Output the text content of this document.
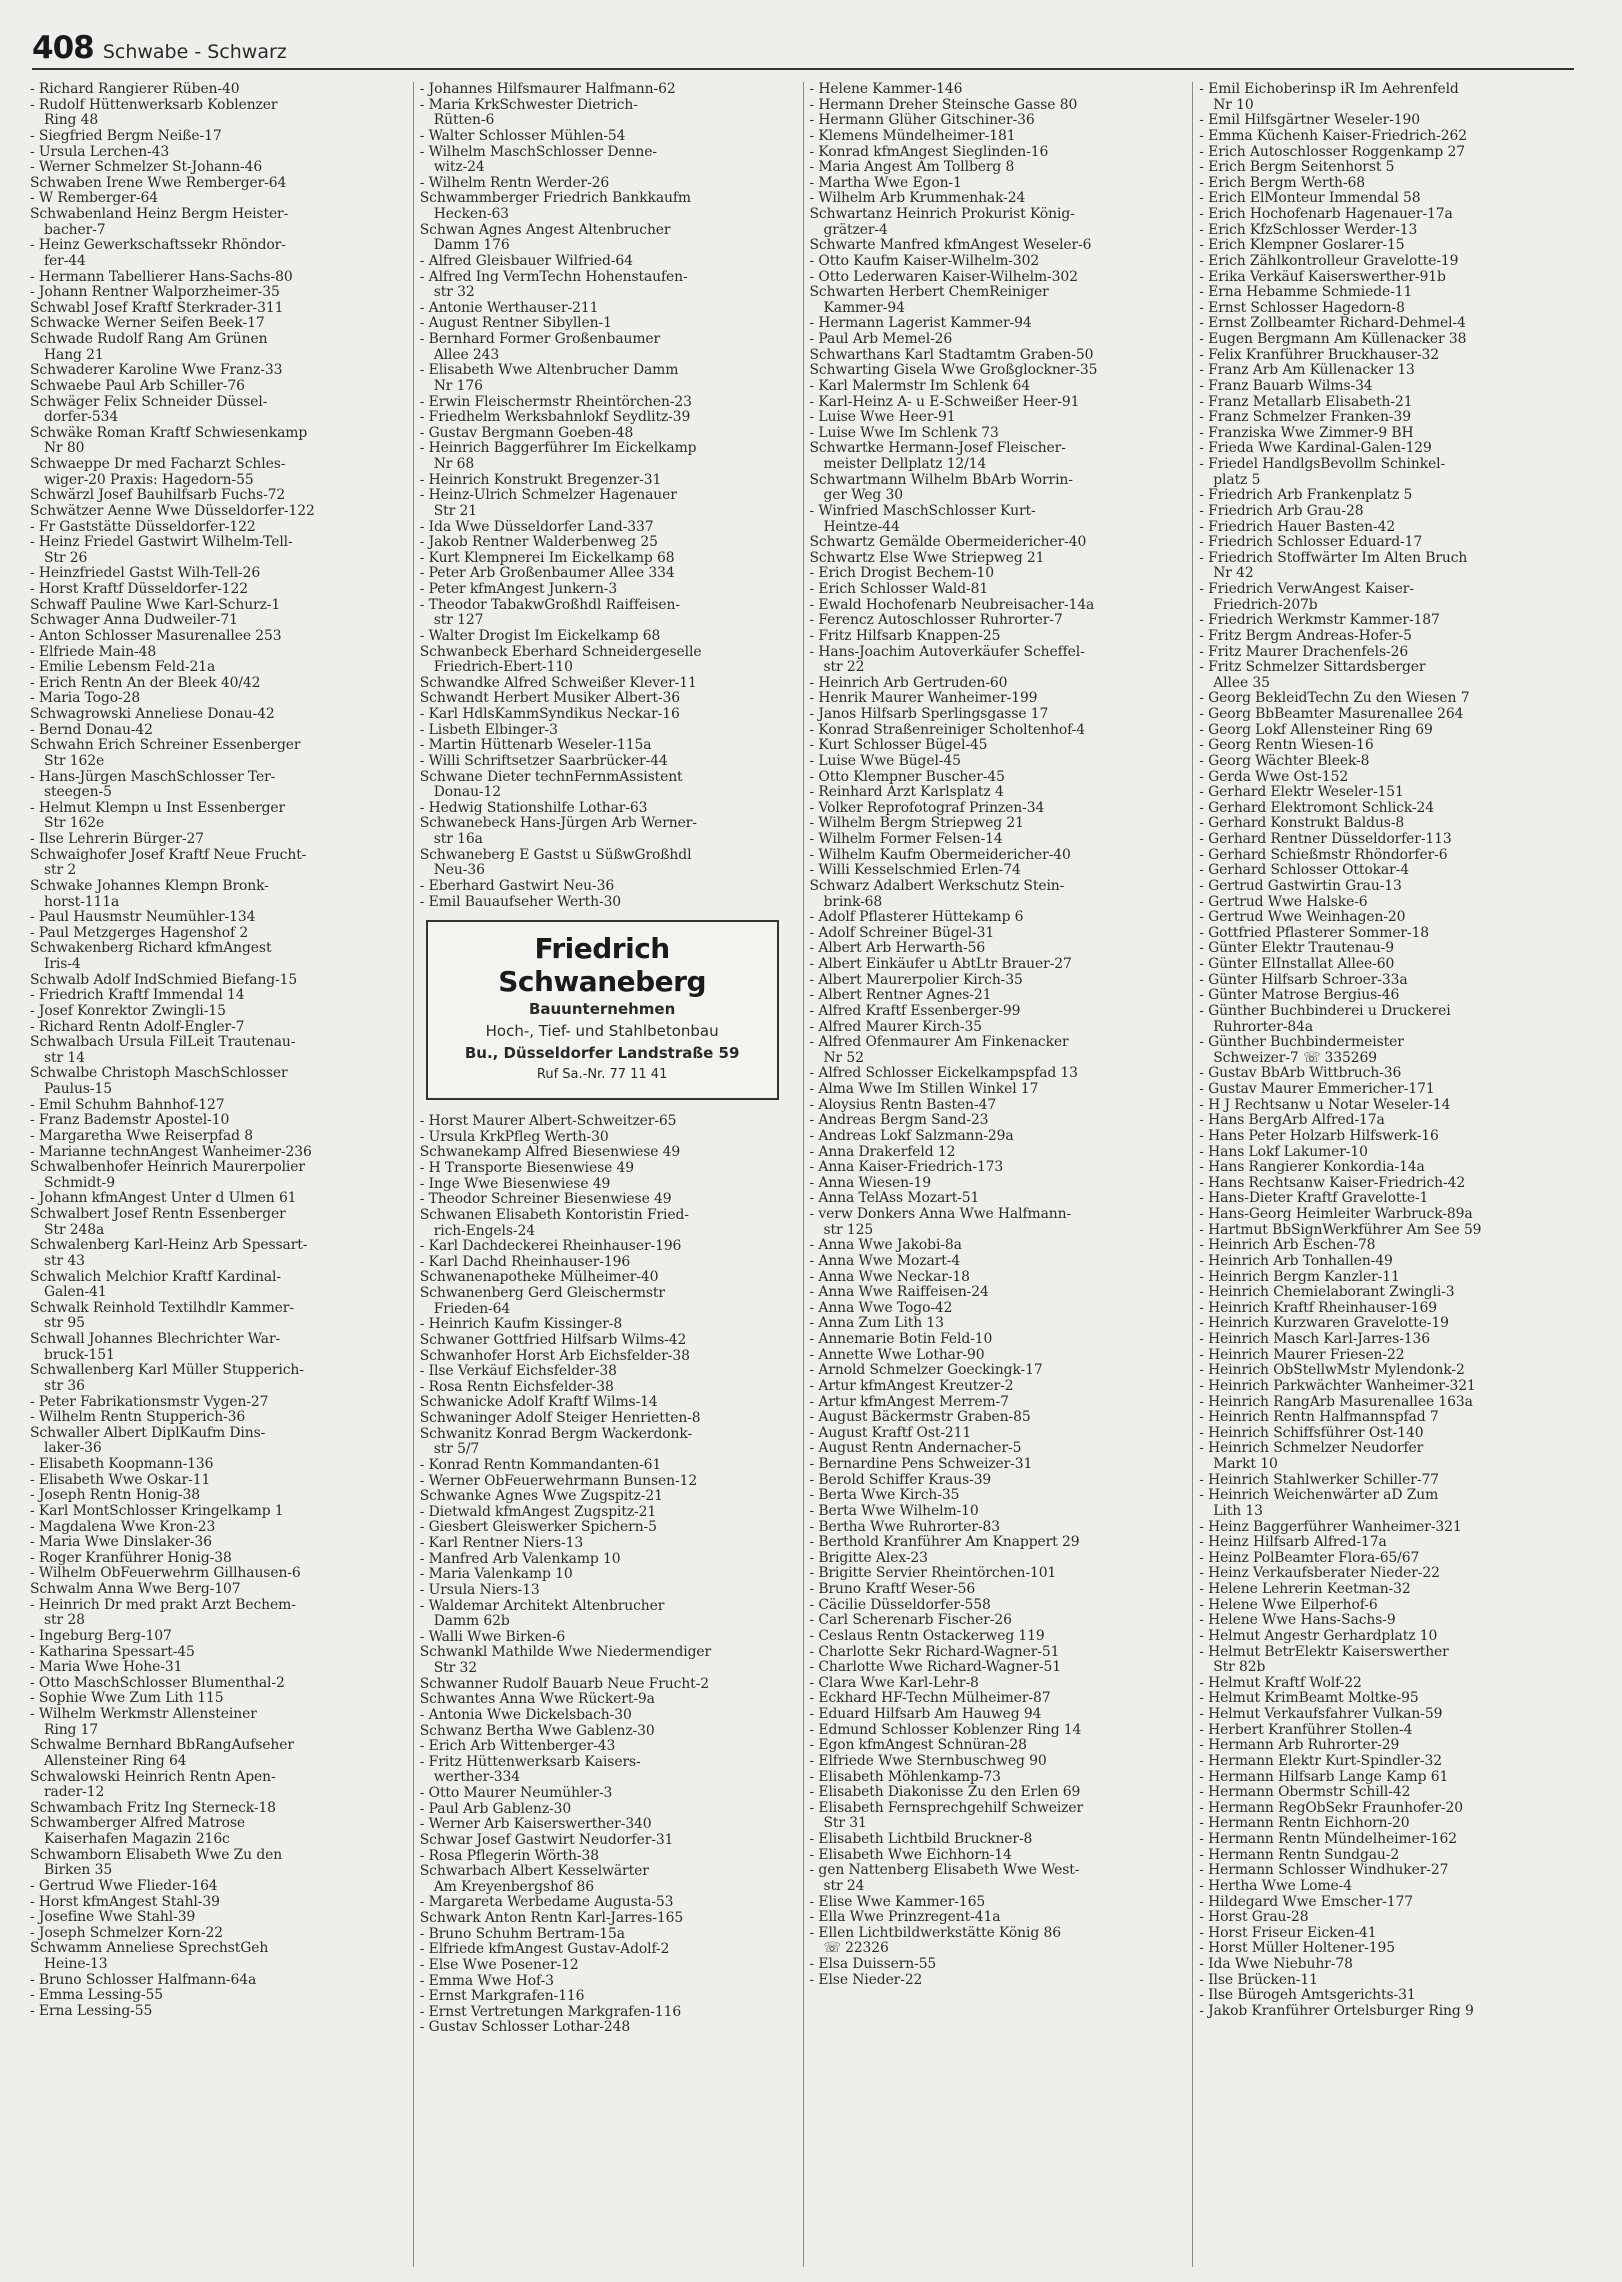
408 Schwabe - Schwarz
- Richard Rangierer Rüben-40
- Rudolf Hüttenwerksarb Koblenzer
Ring 48
- Siegfried Bergm Neiße-17
- Ursula Lerchen-43
- Werner Schmelzer St-Johann-46
Schwaben Irene Wwe Remberger-64
- W Remberger-64
Schwabenland Heinz Bergm Heister-
bacher-7
- Heinz Gewerkschaftssekr Rhöndor-
fer-44
- Hermann Tabellierer Hans-Sachs-80
- Johann Rentner Walporzheimer-35
Schwabl Josef Kraftf Sterkrader-311
Schwacke Werner Seifen Beek-17
Schwade Rudolf Rang Am Grünen
Hang 21
Schwaderer Karoline Wwe Franz-33
Schwaebe Paul Arb Schiller-76
Schwäger Felix Schneider Düssel-
dorfer-534
Schwäke Roman Kraftf Schwiesenkamp
Nr 80
Schwaeppe Dr med Facharzt Schles-
wiger-20 Praxis: Hagedorn-55
Schwärzl Josef Bauhilfsarb Fuchs-72
Schwätzer Aenne Wwe Düsseldorfer-122
- Fr Gaststätte Düsseldorfer-122
- Heinz Friedel Gastwirt Wilhelm-Tell-
Str 26
- Heinzfriedel Gastst Wilh-Tell-26
- Horst Kraftf Düsseldorfer-122
Schwaff Pauline Wwe Karl-Schurz-1
Schwager Anna Dudweiler-71
- Anton Schlosser Masurenallee 253
- Elfriede Main-48
- Emilie Lebensm Feld-21a
- Erich Rentn An der Bleek 40/42
- Maria Togo-28
Schwagrowski Anneliese Donau-42
- Bernd Donau-42
Schwahn Erich Schreiner Essenberger
Str 162e
- Hans-Jürgen MaschSchlosser Ter-
steegen-5
- Helmut Klempn u Inst Essenberger
Str 162e
- Ilse Lehrerin Bürger-27
Schwaighofer Josef Kraftf Neue Frucht-
str 2
Schwake Johannes Klempn Bronk-
horst-111a
- Paul Hausmstr Neumühler-134
- Paul Metzgerges Hagenshof 2
Schwakenberg Richard kfmAngest
Iris-4
Schwalb Adolf IndSchmied Biefang-15
- Friedrich Kraftf Immendal 14
- Josef Konrektor Zwingli-15
- Richard Rentn Adolf-Engler-7
Schwalbach Ursula FilLeit Trautenau-
str 14
Schwalbe Christoph MaschSchlosser
Paulus-15
- Emil Schuhm Bahnhof-127
- Franz Bademstr Apostel-10
- Margaretha Wwe Reiserpfad 8
- Marianne technAngest Wanheimer-236
Schwalbenhofer Heinrich Maurerpolier
Schmidt-9
- Johann kfmAngest Unter d Ulmen 61
Schwalbert Josef Rentn Essenberger
Str 248a
Schwalenberg Karl-Heinz Arb Spessart-
str 43
Schwalich Melchior Kraftf Kardinal-
Galen-41
Schwalk Reinhold Textilhdlr Kammer-
str 95
Schwall Johannes Blechrichter War-
bruck-151
Schwallenberg Karl Müller Stupperich-
str 36
- Peter Fabrikationsmstr Vygen-27
- Wilhelm Rentn Stupperich-36
Schwaller Albert DiplKaufm Dins-
laker-36
- Elisabeth Koopmann-136
- Elisabeth Wwe Oskar-11
- Joseph Rentn Honig-38
- Karl MontSchlosser Kringelkamp 1
- Magdalena Wwe Kron-23
- Maria Wwe Dinslaker-36
- Roger Kranführer Honig-38
- Wilhelm ObFeuerwehrm Gillhausen-6
Schwalm Anna Wwe Berg-107
- Heinrich Dr med prakt Arzt Bechem-
str 28
- Ingeburg Berg-107
- Katharina Spessart-45
- Maria Wwe Hohe-31
- Otto MaschSchlosser Blumenthal-2
- Sophie Wwe Zum Lith 115
- Wilhelm Werkmstr Allensteiner
Ring 17
Schwalme Bernhard BbRangAufseher
Allensteiner Ring 64
Schwalowski Heinrich Rentn Apen-
rader-12
Schwambach Fritz Ing Sterneck-18
Schwamberger Alfred Matrose
Kaiserhafen Magazin 216c
Schwamborn Elisabeth Wwe Zu den
Birken 35
- Gertrud Wwe Flieder-164
- Horst kfmAngest Stahl-39
- Josefine Wwe Stahl-39
- Joseph Schmelzer Korn-22
Schwamm Anneliese SprechstGeh
Heine-13
- Bruno Schlosser Halfmann-64a
- Emma Lessing-55
- Erna Lessing-55
- Johannes Hilfsmaurer Halfmann-62
- Maria KrkSchwester Dietrich-
Rütten-6
- Walter Schlosser Mühlen-54
- Wilhelm MaschSchlosser Denne-
witz-24
- Wilhelm Rentn Werder-26
Schwammberger Friedrich Bankkaufm
Hecken-63
Schwan Agnes Angest Altenbrucher
Damm 176
- Alfred Gleisbauer Wilfried-64
- Alfred Ing VermTechn Hohenstaufen-
str 32
- Antonie Werthauser-211
- August Rentner Sibyllen-1
- Bernhard Former Großenbaumer
Allee 243
- Elisabeth Wwe Altenbrucher Damm
Nr 176
- Erwin Fleischermstr Rheintörchen-23
- Friedhelm Werksbahnlokf Seydlitz-39
- Gustav Bergmann Goeben-48
- Heinrich Baggerführer Im Eickelkamp
Nr 68
- Heinrich Konstrukt Bregenzer-31
- Heinz-Ulrich Schmelzer Hagenauer
Str 21
- Ida Wwe Düsseldorfer Land-337
- Jakob Rentner Walderbenweg 25
- Kurt Klempnerei Im Eickelkamp 68
- Peter Arb Großenbaumer Allee 334
- Peter kfmAngest Junkern-3
- Theodor TabakwGroßhdl Raiffeisen-
str 127
- Walter Drogist Im Eickelkamp 68
Schwanbeck Eberhard Schneidergeselle
Friedrich-Ebert-110
Schwandke Alfred Schweißer Klever-11
Schwandt Herbert Musiker Albert-36
- Karl HdlsKammSyndikus Neckar-16
- Lisbeth Elbinger-3
- Martin Hüttenarb Weseler-115a
- Willi Schriftsetzer Saarbrücker-44
Schwane Dieter technFernmAssistent
Donau-12
- Hedwig Stationshilfe Lothar-63
Schwanebeck Hans-Jürgen Arb Werner-
str 16a
Schwaneberg E Gastst u SüßwGroßhdl
Neu-36
- Eberhard Gastwirt Neu-36
- Emil Bauaufseher Werth-30
Friedrich Schwaneberg
Bauunternehmen
Hoch-, Tief- und Stahlbetonbau
Bu., Düsseldorfer Landstraße 59
Ruf Sa.-Nr. 77 11 41
- Horst Maurer Albert-Schweitzer-65
- Ursula KrkPfleg Werth-30
Schwanekamp Alfred Biesenwiese 49
- H Transporte Biesenwiese 49
- Inge Wwe Biesenwiese 49
- Theodor Schreiner Biesenwiese 49
Schwanen Elisabeth Kontoristin Fried-
rich-Engels-24
- Karl Dachdeckerei Rheinhauser-196
- Karl Dachd Rheinhauser-196
Schwanenapotheke Mülheimer-40
Schwanenberg Gerd Gleischermstr
Frieden-64
- Heinrich Kaufm Kissinger-8
Schwaner Gottfried Hilfsarb Wilms-42
Schwanhofer Horst Arb Eichsfelder-38
- Ilse Verkäuf Eichsfelder-38
- Rosa Rentn Eichsfelder-38
Schwanicke Adolf Kraftf Wilms-14
Schwaninger Adolf Steiger Henrietten-8
Schwanitz Konrad Bergm Wackerdonk-
str 5/7
- Konrad Rentn Kommandanten-61
- Werner ObFeuerwehrmann Bunsen-12
Schwanke Agnes Wwe Zugspitz-21
- Dietwald kfmAngest Zugspitz-21
- Giesbert Gleiswerker Spichern-5
- Karl Rentner Niers-13
- Manfred Arb Valenkamp 10
- Maria Valenkamp 10
- Ursula Niers-13
- Waldemar Architekt Altenbrucher
Damm 62b
- Walli Wwe Birken-6
Schwankl Mathilde Wwe Niedermendiger
Str 32
Schwanner Rudolf Bauarb Neue Frucht-2
Schwantes Anna Wwe Rückert-9a
- Antonia Wwe Dickelsbach-30
Schwanz Bertha Wwe Gablenz-30
- Erich Arb Wittenberger-43
- Fritz Hüttenwerksarb Kaisers-
werther-334
- Otto Maurer Neumühler-3
- Paul Arb Gablenz-30
- Werner Arb Kaiserswerther-340
Schwar Josef Gastwirt Neudorfer-31
- Rosa Pflegerin Wörth-38
Schwarbach Albert Kesselwärter
Am Kreyenbergshof 86
- Margareta Werbedame Augusta-53
Schwark Anton Rentn Karl-Jarres-165
- Bruno Schuhm Bertram-15a
- Elfriede kfmAngest Gustav-Adolf-2
- Else Wwe Posener-12
- Emma Wwe Hof-3
- Ernst Markgrafen-116
- Ernst Vertretungen Markgrafen-116
- Gustav Schlosser Lothar-248
- Helene Kammer-146
- Hermann Dreher Steinsche Gasse 80
- Hermann Glüher Gitschiner-36
- Klemens Mündelheimer-181
- Konrad kfmAngest Sieglinden-16
- Maria Angest Am Tollberg 8
- Martha Wwe Egon-1
- Wilhelm Arb Krummenhak-24
Schwartanz Heinrich Prokurist König-
grätzer-4
Schwarte Manfred kfmAngest Weseler-6
- Otto Kaufm Kaiser-Wilhelm-302
- Otto Lederwaren Kaiser-Wilhelm-302
Schwarten Herbert ChemReiniger
Kammer-94
- Hermann Lagerist Kammer-94
- Paul Arb Memel-26
Schwarthans Karl Stadtamtm Graben-50
Schwarting Gisela Wwe Großglockner-35
- Karl Malermstr Im Schlenk 64
- Karl-Heinz A- u E-Schweißer Heer-91
- Luise Wwe Heer-91
- Luise Wwe Im Schlenk 73
Schwartke Hermann-Josef Fleischer-
meister Dellplatz 12/14
Schwartmann Wilhelm BbArb Worrin-
ger Weg 30
- Winfried MaschSchlosser Kurt-
Heintze-44
Schwartz Gemälde Obermeidericher-40
Schwartz Else Wwe Striepweg 21
- Erich Drogist Bechem-10
- Erich Schlosser Wald-81
- Ewald Hochofenarb Neubreisacher-14a
- Ferencz Autoschlosser Ruhrorter-7
- Fritz Hilfsarb Knappen-25
- Hans-Joachim Autoverkäufer Scheffel-
str 22
- Heinrich Arb Gertruden-60
- Henrik Maurer Wanheimer-199
- Janos Hilfsarb Sperlingsgasse 17
- Konrad Straßenreiniger Scholtenhof-4
- Kurt Schlosser Bügel-45
- Luise Wwe Bügel-45
- Otto Klempner Buscher-45
- Reinhard Arzt Karlsplatz 4
- Volker Reprofotograf Prinzen-34
- Wilhelm Bergm Striepweg 21
- Wilhelm Former Felsen-14
- Wilhelm Kaufm Obermeidericher-40
- Willi Kesselschmied Erlen-74
Schwarz Adalbert Werkschutz Stein-
brink-68
- Adolf Pflasterer Hüttekamp 6
- Adolf Schreiner Bügel-31
- Albert Arb Herwarth-56
- Albert Einkäufer u AbtLtr Brauer-27
- Albert Maurerpolier Kirch-35
- Albert Rentner Agnes-21
- Alfred Kraftf Essenberger-99
- Alfred Maurer Kirch-35
- Alfred Ofenmaurer Am Finkenacker
Nr 52
- Alfred Schlosser Eickelkampspfad 13
- Alma Wwe Im Stillen Winkel 17
- Aloysius Rentn Basten-47
- Andreas Bergm Sand-23
- Andreas Lokf Salzmann-29a
- Anna Drakerfeld 12
- Anna Kaiser-Friedrich-173
- Anna Wiesen-19
- Anna TelAss Mozart-51
- verw Donkers Anna Wwe Halfmann-
str 125
- Anna Wwe Jakobi-8a
- Anna Wwe Mozart-4
- Anna Wwe Neckar-18
- Anna Wwe Raiffeisen-24
- Anna Wwe Togo-42
- Anna Zum Lith 13
- Annemarie Botin Feld-10
- Annette Wwe Lothar-90
- Arnold Schmelzer Goeckingk-17
- Artur kfmAngest Kreutzer-2
- Artur kfmAngest Merrem-7
- August Bäckermstr Graben-85
- August Kraftf Ost-211
- August Rentn Andernacher-5
- Bernardine Pens Schweizer-31
- Berold Schiffer Kraus-39
- Berta Wwe Kirch-35
- Berta Wwe Wilhelm-10
- Bertha Wwe Ruhrorter-83
- Berthold Kranführer Am Knappert 29
- Brigitte Alex-23
- Brigitte Servier Rheintörchen-101
- Bruno Kraftf Weser-56
- Cäcilie Düsseldorfer-558
- Carl Scherenarb Fischer-26
- Ceslaus Rentn Ostackerweg 119
- Charlotte Sekr Richard-Wagner-51
- Charlotte Wwe Richard-Wagner-51
- Clara Wwe Karl-Lehr-8
- Eckhard HF-Techn Mülheimer-87
- Eduard Hilfsarb Am Hauweg 94
- Edmund Schlosser Koblenzer Ring 14
- Egon kfmAngest Schnüran-28
- Elfriede Wwe Sternbuschweg 90
- Elisabeth Möhlenkamp-73
- Elisabeth Diakonisse Zu den Erlen 69
- Elisabeth Fernsprechgehilf Schweizer
Str 31
- Elisabeth Lichtbild Bruckner-8
- Elisabeth Wwe Eichhorn-14
- gen Nattenberg Elisabeth Wwe West-
str 24
- Elise Wwe Kammer-165
- Ella Wwe Prinzregent-41a
- Ellen Lichtbildwerkstätte König 86
☏ 22326
- Elsa Duissern-55
- Else Nieder-22
- Emil Eichoberinsp iR Im Aehrenfeld
Nr 10
- Emil Hilfsgärtner Weseler-190
- Emma Küchenh Kaiser-Friedrich-262
- Erich Autoschlosser Roggenkamp 27
- Erich Bergm Seitenhorst 5
- Erich Bergm Werth-68
- Erich ElMonteur Immendal 58
- Erich Hochofenarb Hagenauer-17a
- Erich KfzSchlosser Werder-13
- Erich Klempner Goslarer-15
- Erich Zählkontrolleur Gravelotte-19
- Erika Verkäuf Kaiserswerther-91b
- Erna Hebamme Schmiede-11
- Ernst Schlosser Hagedorn-8
- Ernst Zollbeamter Richard-Dehmel-4
- Eugen Bergmann Am Küllenacker 38
- Felix Kranführer Bruckhauser-32
- Franz Arb Am Küllenacker 13
- Franz Bauarb Wilms-34
- Franz Metallarb Elisabeth-21
- Franz Schmelzer Franken-39
- Franziska Wwe Zimmer-9 BH
- Frieda Wwe Kardinal-Galen-129
- Friedel HandlgsBevollm Schinkel-
platz 5
- Friedrich Arb Frankenplatz 5
- Friedrich Arb Grau-28
- Friedrich Hauer Basten-42
- Friedrich Schlosser Eduard-17
- Friedrich Stoffwärter Im Alten Bruch
Nr 42
- Friedrich VerwAngest Kaiser-
Friedrich-207b
- Friedrich Werkmstr Kammer-187
- Fritz Bergm Andreas-Hofer-5
- Fritz Maurer Drachenfels-26
- Fritz Schmelzer Sittardsberger
Allee 35
- Georg BekleidTechn Zu den Wiesen 7
- Georg BbBeamter Masurenallee 264
- Georg Lokf Allensteiner Ring 69
- Georg Rentn Wiesen-16
- Georg Wächter Bleek-8
- Gerda Wwe Ost-152
- Gerhard Elektr Weseler-151
- Gerhard Elektromont Schlick-24
- Gerhard Konstrukt Baldus-8
- Gerhard Rentner Düsseldorfer-113
- Gerhard Schießmstr Rhöndorfer-6
- Gerhard Schlosser Ottokar-4
- Gertrud Gastwirtin Grau-13
- Gertrud Wwe Halske-6
- Gertrud Wwe Weinhagen-20
- Gottfried Pflasterer Sommer-18
- Günter Elektr Trautenau-9
- Günter ElInstallat Allee-60
- Günter Hilfsarb Schroer-33a
- Günter Matrose Bergius-46
- Günther Buchbinderei u Druckerei
Ruhrorter-84a
- Günther Buchbindermeister
Schweizer-7 ☏ 335269
- Gustav BbArb Wittbruch-36
- Gustav Maurer Emmericher-171
- H J Rechtsanw u Notar Weseler-14
- Hans BergArb Alfred-17a
- Hans Peter Holzarb Hilfswerk-16
- Hans Lokf Lakumer-10
- Hans Rangierer Konkordia-14a
- Hans Rechtsanw Kaiser-Friedrich-42
- Hans-Dieter Kraftf Gravelotte-1
- Hans-Georg Heimleiter Warbruck-89a
- Hartmut BbSignWerkführer Am See 59
- Heinrich Arb Eschen-78
- Heinrich Arb Tonhallen-49
- Heinrich Bergm Kanzler-11
- Heinrich Chemielaborant Zwingli-3
- Heinrich Kraftf Rheinhauser-169
- Heinrich Kurzwaren Gravelotte-19
- Heinrich Masch Karl-Jarres-136
- Heinrich Maurer Friesen-22
- Heinrich ObStellwMstr Mylendonk-2
- Heinrich Parkwächter Wanheimer-321
- Heinrich RangArb Masurenallee 163a
- Heinrich Rentn Halfmannspfad 7
- Heinrich Schiffsführer Ost-140
- Heinrich Schmelzer Neudorfer
Markt 10
- Heinrich Stahlwerker Schiller-77
- Heinrich Weichenwärter aD Zum
Lith 13
- Heinz Baggerführer Wanheimer-321
- Heinz Hilfsarb Alfred-17a
- Heinz PolBeamter Flora-65/67
- Heinz Verkaufsberater Nieder-22
- Helene Lehrerin Keetman-32
- Helene Wwe Eilperhof-6
- Helene Wwe Hans-Sachs-9
- Helmut Angestr Gerhardplatz 10
- Helmut BetrElektr Kaiserswerther
Str 82b
- Helmut Kraftf Wolf-22
- Helmut KrimBeamt Moltke-95
- Helmut Verkaufsfahrer Vulkan-59
- Herbert Kranführer Stollen-4
- Hermann Arb Ruhrorter-29
- Hermann Elektr Kurt-Spindler-32
- Hermann Hilfsarb Lange Kamp 61
- Hermann Obermstr Schill-42
- Hermann RegObSekr Fraunhofer-20
- Hermann Rentn Eichhorn-20
- Hermann Rentn Mündelheimer-162
- Hermann Rentn Sundgau-2
- Hermann Schlosser Windhuker-27
- Hertha Wwe Lome-4
- Hildegard Wwe Emscher-177
- Horst Grau-28
- Horst Friseur Eicken-41
- Horst Müller Holtener-195
- Ida Wwe Niebuhr-78
- Ilse Brücken-11
- Ilse Bürogeh Amtsgerichts-31
- Jakob Kranführer Ortelsburger Ring 9
